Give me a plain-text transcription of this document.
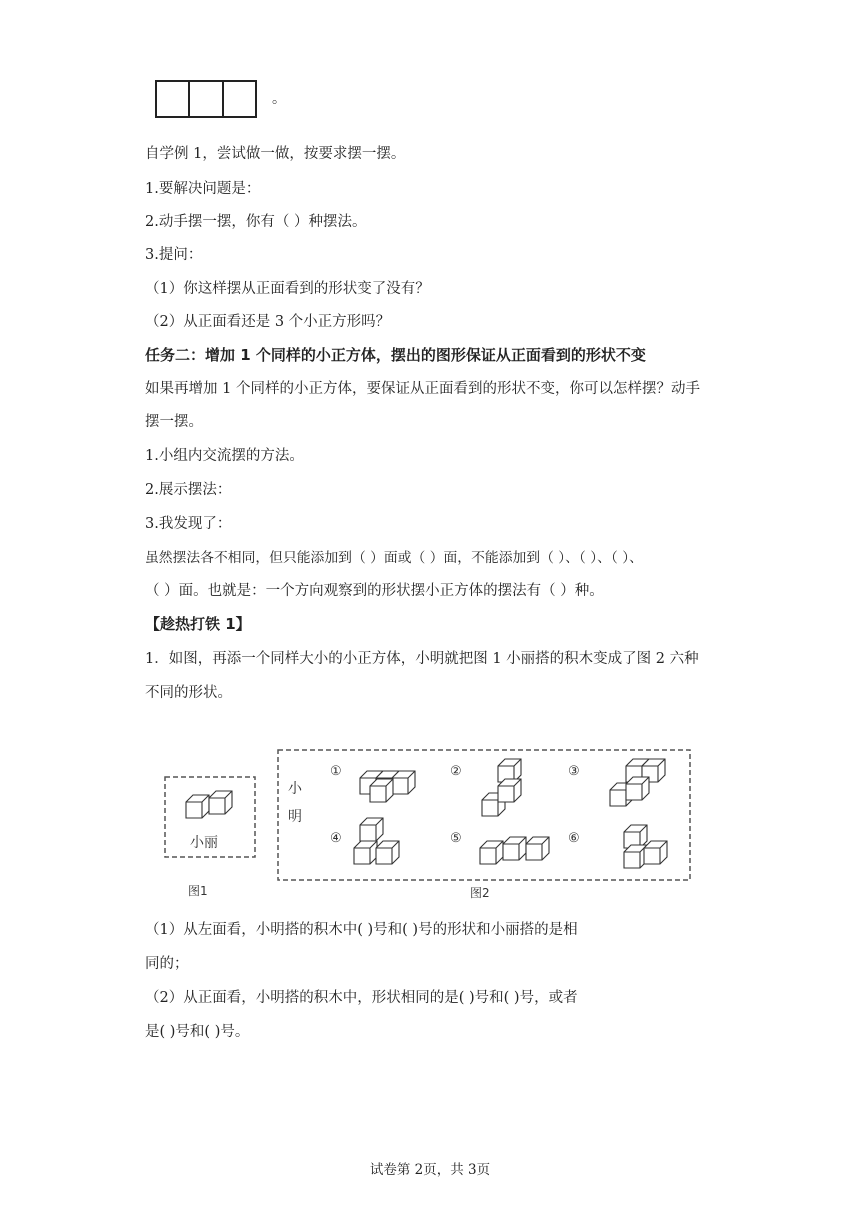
。
自学例 1，尝试做一做，按要求摆一摆。
1.要解决问题是：
2.动手摆一摆，你有（ ）种摆法。
3.提问：
（1）你这样摆从正面看到的形状变了没有？
（2）从正面看还是 3 个小正方形吗？
任务二：增加 1 个同样的小正方体，摆出的图形保证从正面看到的形状不变
如果再增加 1 个同样的小正方体，要保证从正面看到的形状不变，你可以怎样摆？动手
摆一摆。
1.小组内交流摆的方法。
2.展示摆法：
3.我发现了：
虽然摆法各不相同，但只能添加到（ ）面或（ ）面，不能添加到（ ）、（ ）、（ ）、
（ ）面。也就是：一个方向观察到的形状摆小正方体的摆法有（ ）种。
【趁热打铁 1】
1．如图，再添一个同样大小的小正方体，小明就把图 1 小丽搭的积木变成了图 2 六种
不同的形状。
小丽
图1
小
明
图2
①	②	③
④	⑤	⑥
（1）从左面看，小明搭的积木中( )号和( )号的形状和小丽搭的是相
同的；
（2）从正面看，小明搭的积木中，形状相同的是( )号和( )号，或者
是( )号和( )号。
试卷第 2页，共 3页
